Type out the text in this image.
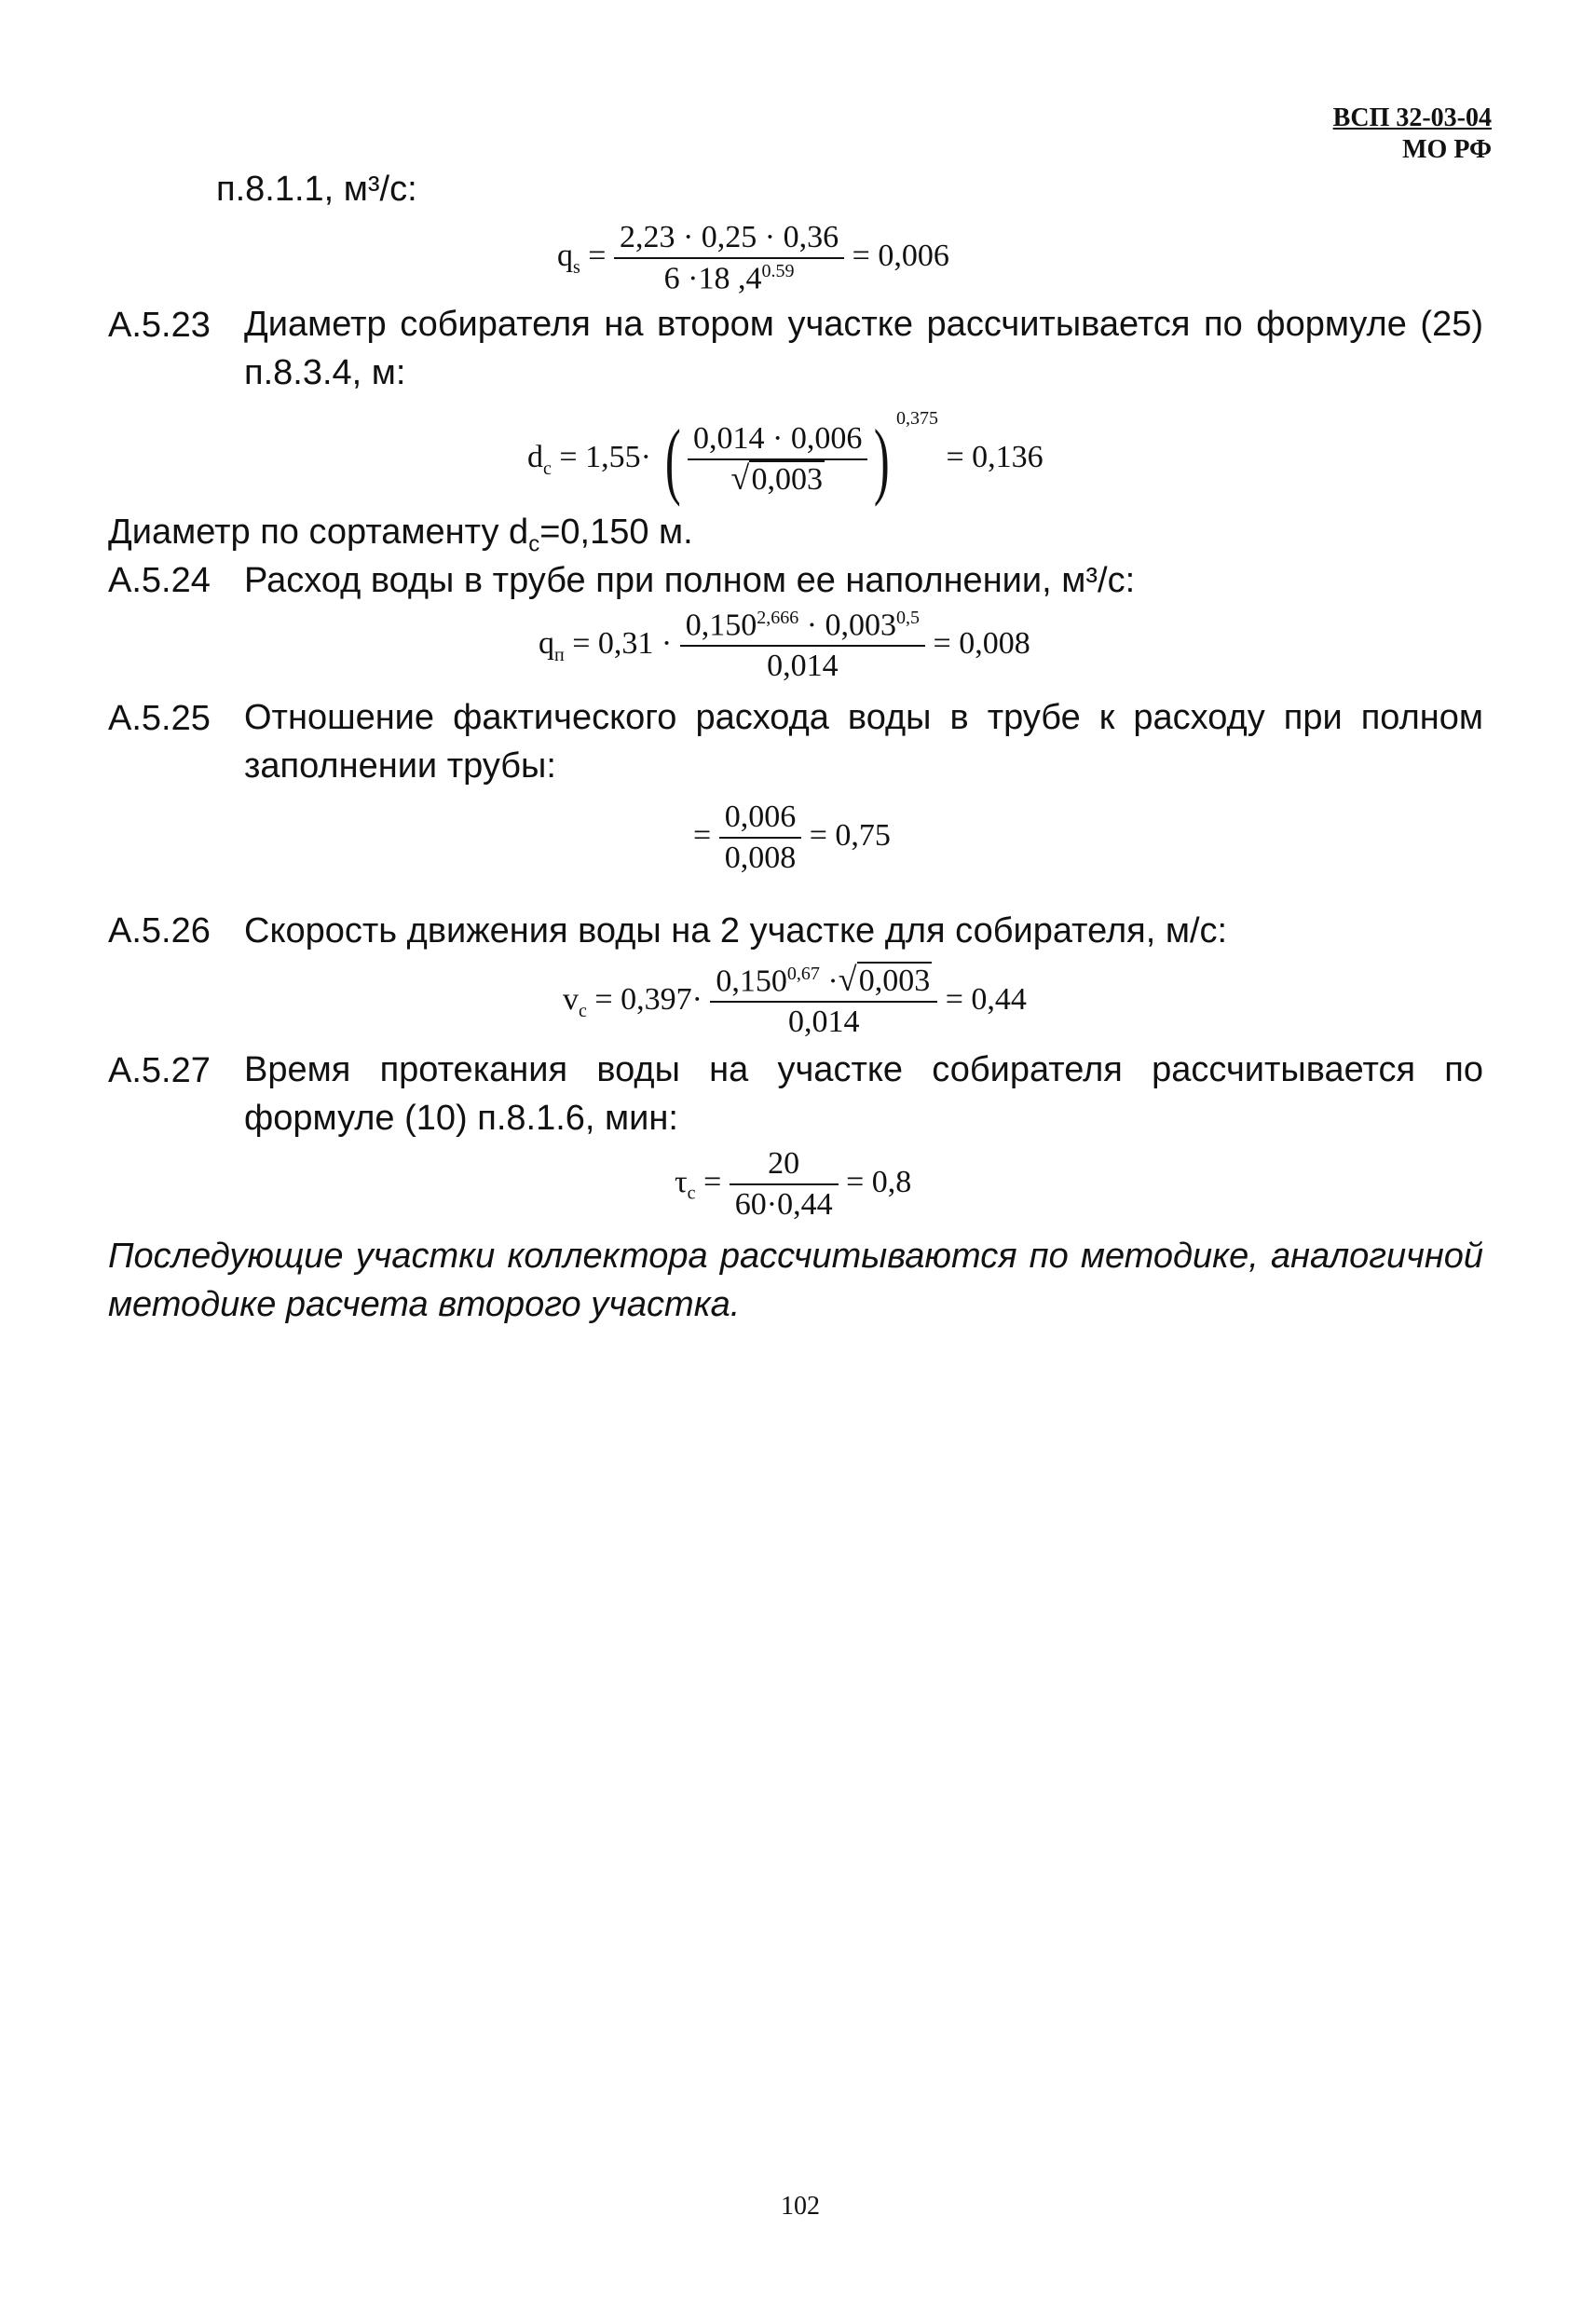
ВСП 32-03-04
МО РФ
п.8.1.1, м³/с:
$q_s = \frac{2,23 \cdot 0,25 \cdot 0,36}{6 \cdot 18 ,4^{0.59}} = 0,006$
А.5.23 Диаметр собирателя на втором участке рассчитывается по формуле (25) п.8.3.4, м:
$d_c = 1,55\cdot$ ( $\frac{0,014 \cdot 0,006}{√ 0,003}$ ) $^{0,375}$ = 0,136
Диаметр по сортаменту $d_c=0,150$ м.
А.5.24 Расход воды в трубе при полном ее наполнении, м³/с:
$q_п = 0,31 \cdot \frac{0,150^{2,666} \cdot 0,003^{0,5}}{0,014} = 0,008$
А.5.25 Отношение фактического расхода воды в трубе к расходу при полном заполнении трубы:
= $\frac{0,006}{0,008} = 0,75$
А.5.26 Скорость движения воды на 2 участке для собирателя, м/с:
$v_c = 0,397\cdot \frac{0,150^{0,67} \cdot √ 0,003}{0,014} = 0,44$
А.5.27 Время протекания воды на участке собирателя рассчитывается по формуле (10) п.8.1.6, мин:
$\tau_c = \frac{20}{60\cdot 0,44} = 0,8$
Последующие участки коллектора рассчитываются по методике, аналогичной методике расчета второго участка.
102
